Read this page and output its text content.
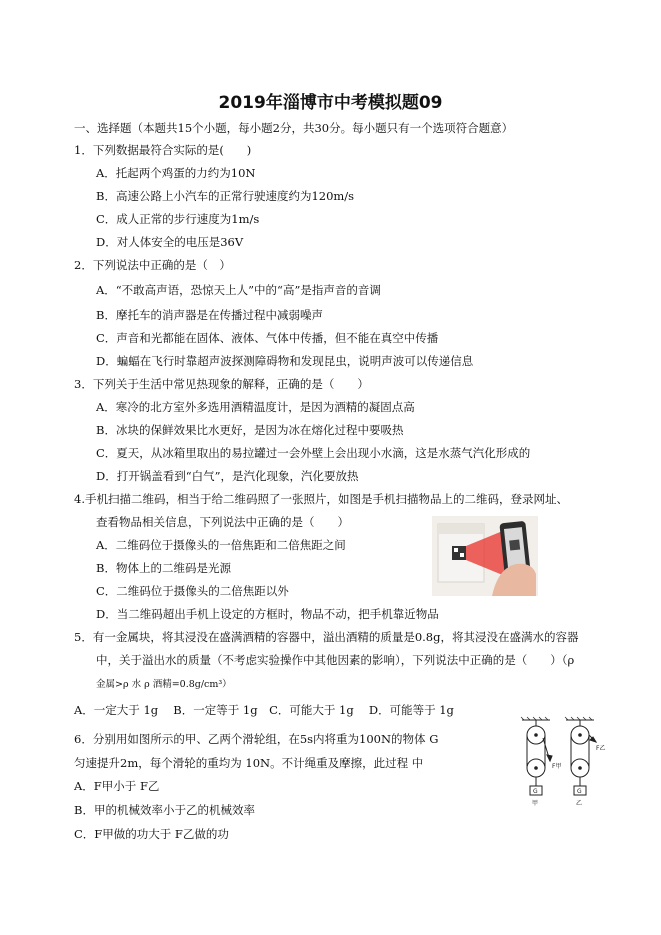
2019年淄博市中考模拟题09
一、选择题（本题共15个小题，每小题2分，共30分。每小题只有一个选项符合题意）
1．下列数据最符合实际的是(　　)
A．托起两个鸡蛋的力约为10N
B．高速公路上小汽车的正常行驶速度约为120m/s
C．成人正常的步行速度为1m/s
D．对人体安全的电压是36V
2．下列说法中正确的是（　）
A．“不敢高声语，恐惊天上人”中的“高”是指声音的音调
B．摩托车的消声器是在传播过程中减弱噪声
C．声音和光都能在固体、液体、气体中传播，但不能在真空中传播
D．蝙蝠在飞行时靠超声波探测障碍物和发现昆虫，说明声波可以传递信息
3．下列关于生活中常见热现象的解释，正确的是（　　）
A．寒冷的北方室外多选用酒精温度计，是因为酒精的凝固点高
B．冰块的保鲜效果比水更好，是因为冰在熔化过程中要吸热
C．夏天，从冰箱里取出的易拉罐过一会外壁上会出现小水滴，这是水蒸气汽化形成的
D．打开锅盖看到“白气”，是汽化现象，汽化要放热
4.手机扫描二维码，相当于给二维码照了一张照片，如图是手机扫描物品上的二维码，登录网址、
查看物品相关信息，下列说法中正确的是（　　）
A．二维码位于摄像头的一倍焦距和二倍焦距之间
B．物体上的二维码是光源
C．二维码位于摄像头的二倍焦距以外
D．当二维码超出手机上设定的方框时，物品不动，把手机靠近物品
5．有一金属块，将其浸没在盛满酒精的容器中，溢出酒精的质量是0.8g，将其浸没在盛满水的容器
中，关于溢出水的质量（不考虑实验操作中其他因素的影响），下列说法中正确的是（　　）（ρ
金属>ρ 水 ρ 酒精=0.8g/cm³）
A．一定大于 1g　 B．一定等于 1g　C．可能大于 1g　 D．可能等于 1g
6．分别用如图所示的甲、乙两个滑轮组，在5s内将重为100N的物体 G
匀速提升2m，每个滑轮的重均为 10N。不计绳重及摩擦，此过程 中
A．F甲小于 F乙
B．甲的机械效率小于乙的机械效率
C．F甲做的功大于 F乙做的功
F甲
F乙
G	G
甲	乙
